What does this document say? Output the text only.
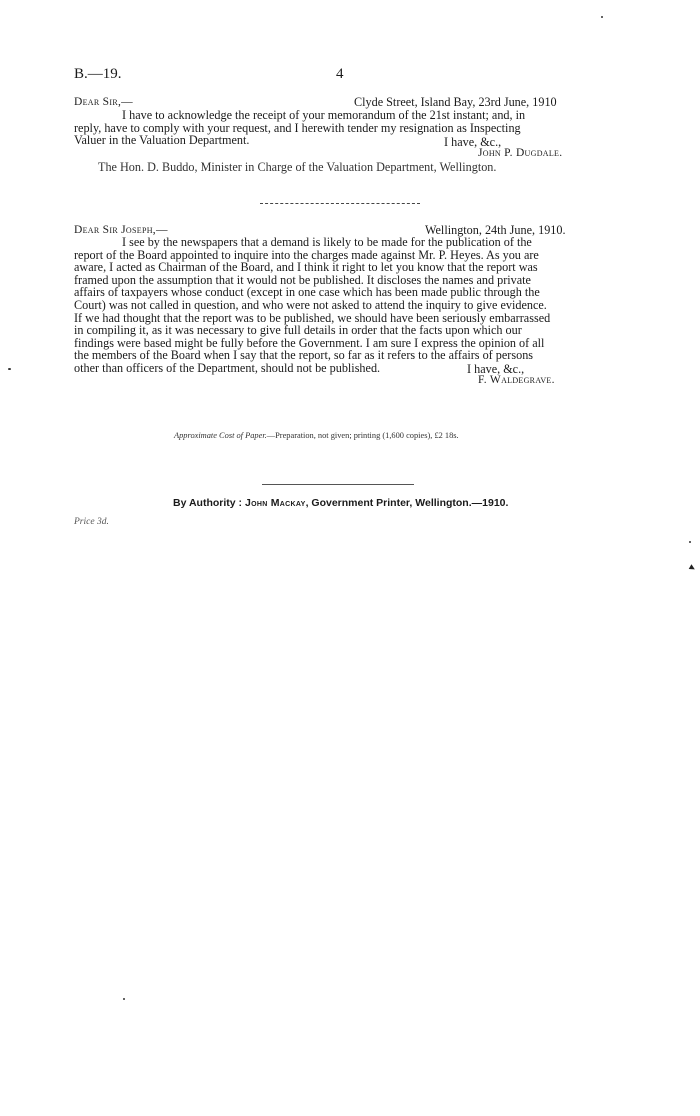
B.—19.	4
Dear Sir,—	Clyde Street, Island Bay, 23rd June, 1910
I have to acknowledge the receipt of your memorandum of the 21st instant; and, in
reply, have to comply with your request, and I herewith tender my resignation as Inspecting
Valuer in the Valuation Department.	I have, &c.,
John P. Dugdale.
The Hon. D. Buddo, Minister in Charge of the Valuation Department, Wellington.
Dear Sir Joseph,—	Wellington, 24th June, 1910.
I see by the newspapers that a demand is likely to be made for the publication of the
report of the Board appointed to inquire into the charges made against Mr. P. Heyes. As you are
aware, I acted as Chairman of the Board, and I think it right to let you know that the report was
framed upon the assumption that it would not be published. It discloses the names and private
affairs of taxpayers whose conduct (except in one case which has been made public through the
Court) was not called in question, and who were not asked to attend the inquiry to give evidence.
If we had thought that the report was to be published, we should have been seriously embarrassed
in compiling it, as it was necessary to give full details in order that the facts upon which our
findings were based might be fully before the Government. I am sure I express the opinion of all
the members of the Board when I say that the report, so far as it refers to the affairs of persons
other than officers of the Department, should not be published.	I have, &c.,
F. Waldegrave.
Approximate Cost of Paper.—Preparation, not given; printing (1,600 copies), £2 18s.
By Authority : John Mackay, Government Printer, Wellington.—1910.
Price 3d.
▸
